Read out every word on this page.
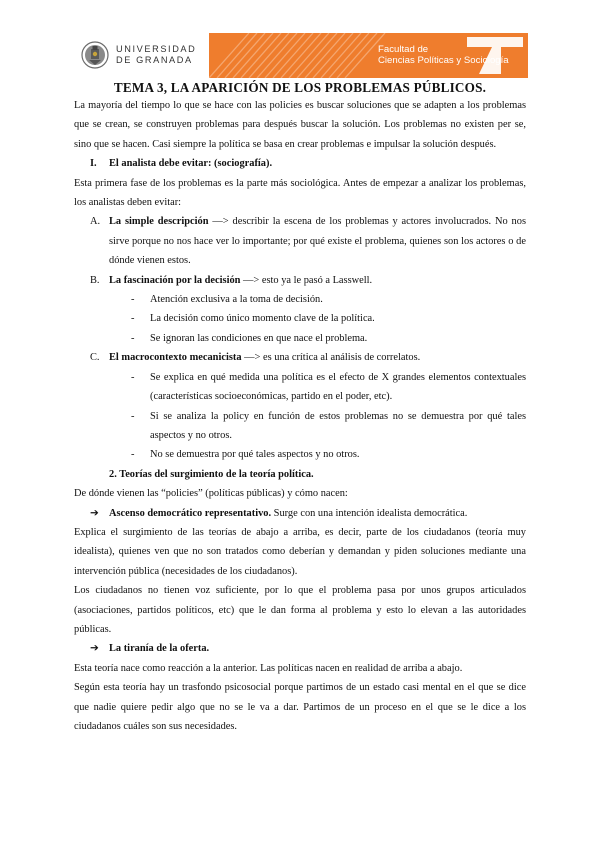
UNIVERSIDAD
DE GRANADA
Facultad de
Ciencias Políticas y Sociología
TEMA 3, LA APARICIÓN DE LOS PROBLEMAS PÚBLICOS.

La mayoría del tiempo lo que se hace con las policies es buscar soluciones que se adapten a los problemas que se crean, se construyen problemas para después buscar la solución. Los problemas no existen per se, sino que se hacen. Casi siempre la política se basa en crear problemas e impulsar la solución después.

I.	El analista debe evitar: (sociografía).

Esta primera fase de los problemas es la parte más sociológica. Antes de empezar a analizar los problemas, los analistas deben evitar:

A. La simple descripción —> describir la escena de los problemas y actores involucrados. No nos sirve porque no nos hace ver lo importante; por qué existe el problema, quienes son los actores o de dónde vienen estos.
B. La fascinación por la decisión —> esto ya le pasó a Lasswell.
-	Atención exclusiva a la toma de decisión.
-	La decisión como único momento clave de la política.
-	Se ignoran las condiciones en que nace el problema.
C. El macrocontexto mecanicista —> es una crítica al análisis de correlatos.
-	Se explica en qué medida una política es el efecto de X grandes elementos contextuales (características socioeconómicas, partido en el poder, etc).
-	Si se analiza la policy en función de estos problemas no se demuestra por qué tales aspectos y no otros.
-	No se demuestra por qué tales aspectos y no otros.
2. Teorías del surgimiento de la teoría política.

De dónde vienen las “policies” (políticas públicas) y cómo nacen:

➔ Ascenso democrático representativo. Surge con una intención idealista democrática.

Explica el surgimiento de las teorías de abajo a arriba, es decir, parte de los ciudadanos (teoría muy idealista), quienes ven que no son tratados como deberían y demandan y piden soluciones mediante una intervención pública (necesidades de los ciudadanos).

Los ciudadanos no tienen voz suficiente, por lo que el problema pasa por unos grupos articulados (asociaciones, partidos políticos, etc) que le dan forma al problema y esto lo elevan a las autoridades públicas.

➔ La tiranía de la oferta.

Esta teoría nace como reacción a la anterior. Las políticas nacen en realidad de arriba a abajo.

Según esta teoría hay un trasfondo psicosocial porque partimos de un estado casi mental en el que se dice que nadie quiere pedir algo que no se le va a dar. Partimos de un proceso en el que se le dice a los ciudadanos cuáles son sus necesidades.
